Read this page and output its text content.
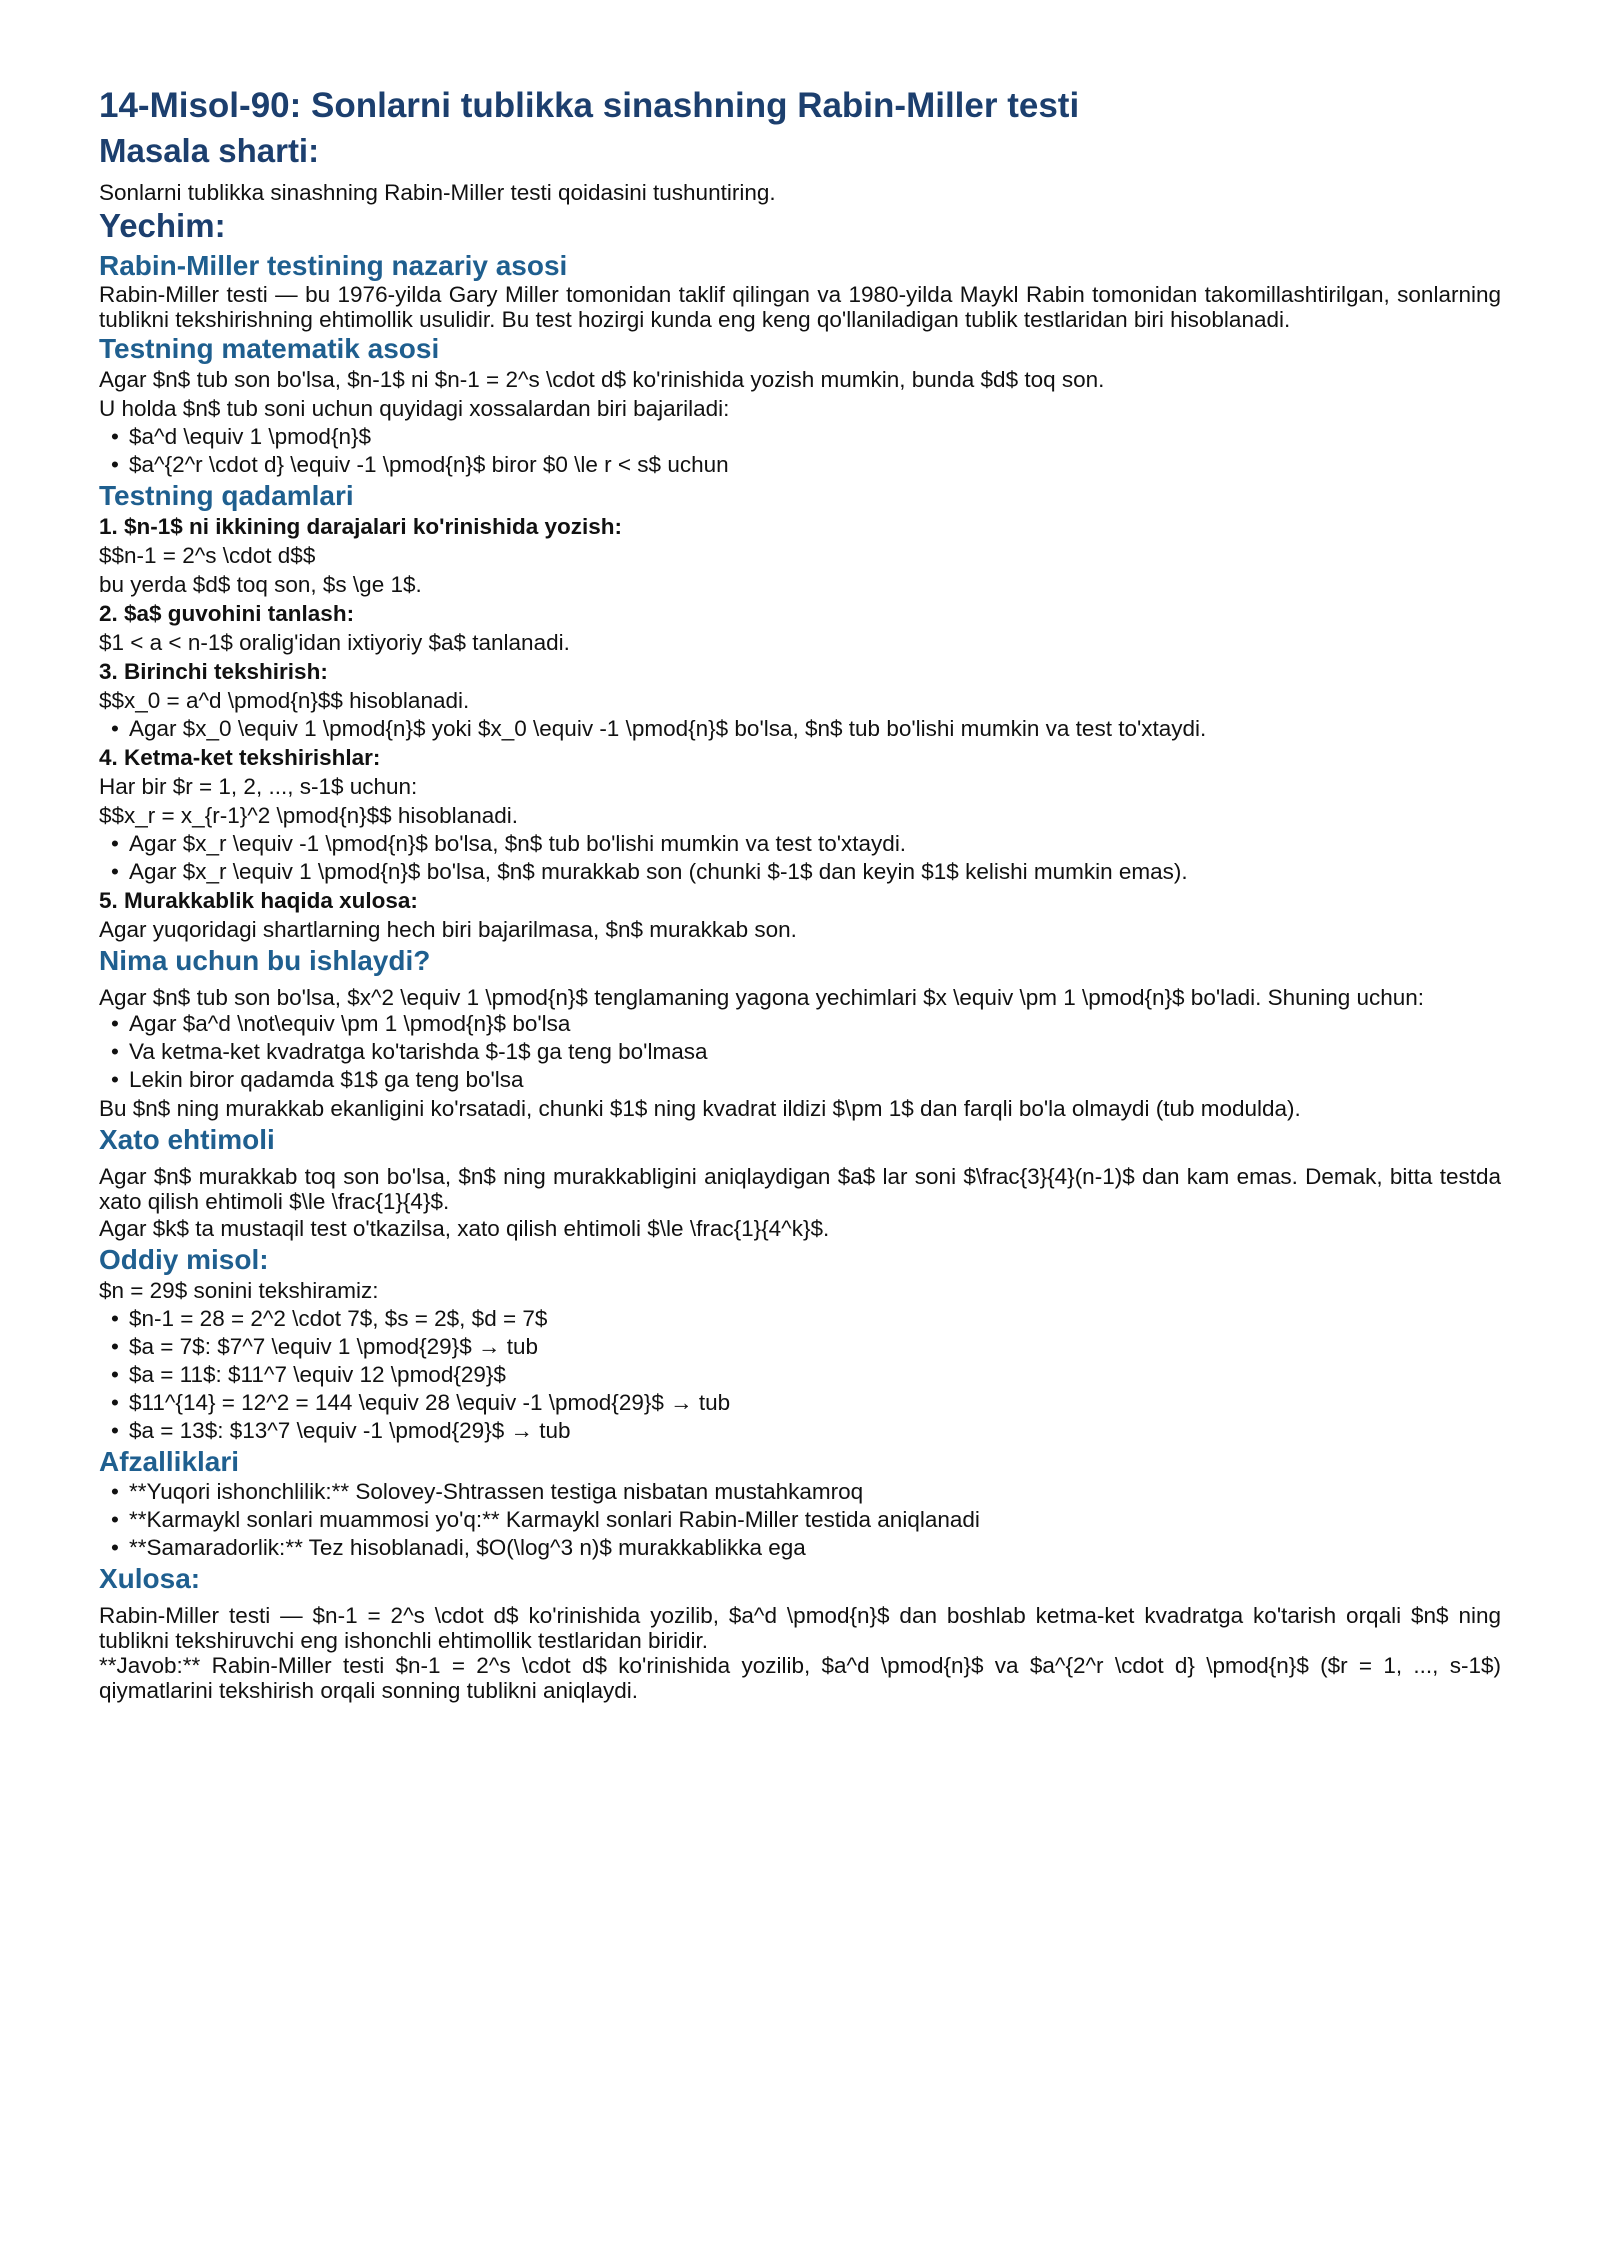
14-Misol-90: Sonlarni tublikka sinashning Rabin-Miller testi
Masala sharti:

Sonlarni tublikka sinashning Rabin-Miller testi qoidasini tushuntiring.

Yechim:
Rabin-Miller testining nazariy asosi

Rabin-Miller testi — bu 1976-yilda Gary Miller tomonidan taklif qilingan va 1980-yilda Maykl Rabin tomonidan takomillashtirilgan, sonlarning tublikni tekshirishning ehtimollik usulidir. Bu test hozirgi kunda eng keng qo'llaniladigan tublik testlaridan biri hisoblanadi.

Testning matematik asosi

Agar $n$ tub son bo'lsa, $n-1$ ni $n-1 = 2^s \cdot d$ ko'rinishida yozish mumkin, bunda $d$ toq son.

U holda $n$ tub soni uchun quyidagi xossalardan biri bajariladi:

• $a^d \equiv 1 \pmod{n}$
• $a^{2^r \cdot d} \equiv -1 \pmod{n}$ biror $0 \le r < s$ uchun
Testning qadamlari

1. $n-1$ ni ikkining darajalari ko'rinishida yozish:

$$n-1 = 2^s \cdot d$$

bu yerda $d$ toq son, $s \ge 1$.

2. $a$ guvohini tanlash:

$1 < a < n-1$ oralig'idan ixtiyoriy $a$ tanlanadi.

3. Birinchi tekshirish:

$$x_0 = a^d \pmod{n}$$ hisoblanadi.

• Agar $x_0 \equiv 1 \pmod{n}$ yoki $x_0 \equiv -1 \pmod{n}$ bo'lsa, $n$ tub bo'lishi mumkin va test to'xtaydi.

4. Ketma-ket tekshirishlar:

Har bir $r = 1, 2, ..., s-1$ uchun:

$$x_r = x_{r-1}^2 \pmod{n}$$ hisoblanadi.

• Agar $x_r \equiv -1 \pmod{n}$ bo'lsa, $n$ tub bo'lishi mumkin va test to'xtaydi.
• Agar $x_r \equiv 1 \pmod{n}$ bo'lsa, $n$ murakkab son (chunki $-1$ dan keyin $1$ kelishi mumkin emas).

5. Murakkablik haqida xulosa:

Agar yuqoridagi shartlarning hech biri bajarilmasa, $n$ murakkab son.

Nima uchun bu ishlaydi?

Agar $n$ tub son bo'lsa, $x^2 \equiv 1 \pmod{n}$ tenglamaning yagona yechimlari $x \equiv \pm 1 \pmod{n}$ bo'ladi. Shuning uchun:

• Agar $a^d \not\equiv \pm 1 \pmod{n}$ bo'lsa
• Va ketma-ket kvadratga ko'tarishda $-1$ ga teng bo'lmasa
• Lekin biror qadamda $1$ ga teng bo'lsa

Bu $n$ ning murakkab ekanligini ko'rsatadi, chunki $1$ ning kvadrat ildizi $\pm 1$ dan farqli bo'la olmaydi (tub modulda).

Xato ehtimoli

Agar $n$ murakkab toq son bo'lsa, $n$ ning murakkabligini aniqlaydigan $a$ lar soni $\frac{3}{4}(n-1)$ dan kam emas. Demak, bitta testda xato qilish ehtimoli $\le \frac{1}{4}$.

Agar $k$ ta mustaqil test o'tkazilsa, xato qilish ehtimoli $\le \frac{1}{4^k}$.

Oddiy misol:

$n = 29$ sonini tekshiramiz:

• $n-1 = 28 = 2^2 \cdot 7$, $s = 2$, $d = 7$
• $a = 7$: $7^7 \equiv 1 \pmod{29}$ → tub
• $a = 11$: $11^7 \equiv 12 \pmod{29}$
• $11^{14} = 12^2 = 144 \equiv 28 \equiv -1 \pmod{29}$ → tub
• $a = 13$: $13^7 \equiv -1 \pmod{29}$ → tub
Afzalliklari
• **Yuqori ishonchlilik:** Solovey-Shtrassen testiga nisbatan mustahkamroq
• **Karmaykl sonlari muammosi yo'q:** Karmaykl sonlari Rabin-Miller testida aniqlanadi
• **Samaradorlik:** Tez hisoblanadi, $O(\log^3 n)$ murakkablikka ega
Xulosa:

Rabin-Miller testi — $n-1 = 2^s \cdot d$ ko'rinishida yozilib, $a^d \pmod{n}$ dan boshlab ketma-ket kvadratga ko'tarish orqali $n$ ning tublikni tekshiruvchi eng ishonchli ehtimollik testlaridan biridir.

**Javob:** Rabin-Miller testi $n-1 = 2^s \cdot d$ ko'rinishida yozilib, $a^d \pmod{n}$ va $a^{2^r \cdot d} \pmod{n}$ ($r = 1, ..., s-1$) qiymatlarini tekshirish orqali sonning tublikni aniqlaydi.
